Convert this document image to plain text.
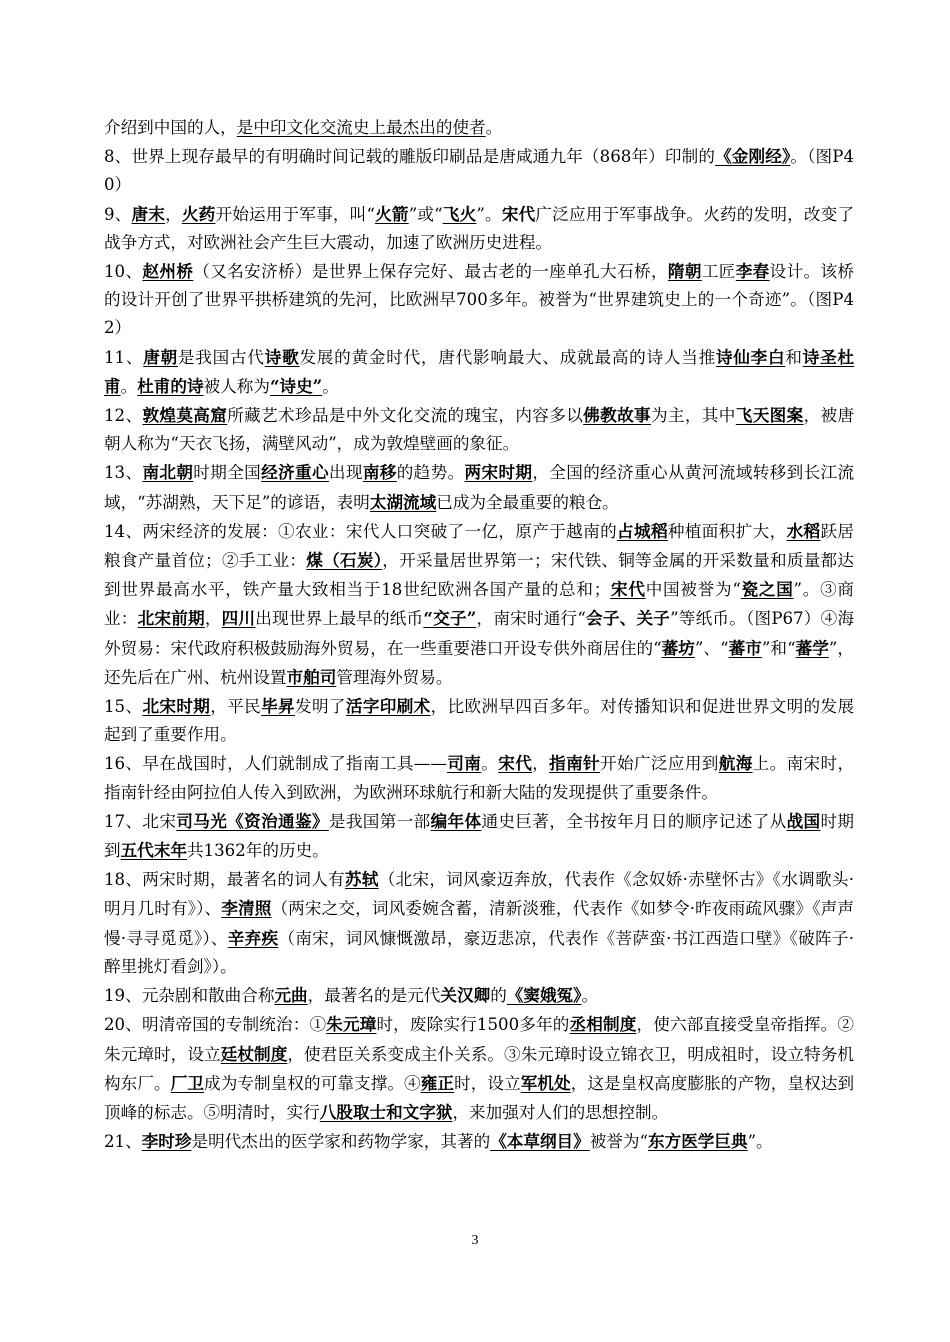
介绍到中国的人，是中印文化交流史上最杰出的使者。

8、世界上现存最早的有明确时间记载的雕版印刷品是唐咸通九年（868年）印制的《金刚经》。（图P40）

9、唐末，火药开始运用于军事，叫“火箭”或“飞火”。宋代广泛应用于军事战争。火药的发明，改变了战争方式，对欧洲社会产生巨大震动，加速了欧洲历史进程。

10、赵州桥（又名安济桥）是世界上保存完好、最古老的一座单孔大石桥，隋朝工匠李春设计。该桥的设计开创了世界平拱桥建筑的先河，比欧洲早700多年。被誉为“世界建筑史上的一个奇迹”。（图P42）

11、唐朝是我国古代诗歌发展的黄金时代，唐代影响最大、成就最高的诗人当推诗仙李白和诗圣杜甫。杜甫的诗被人称为“诗史”。

12、敦煌莫高窟所藏艺术珍品是中外文化交流的瑰宝，内容多以佛教故事为主，其中飞天图案，被唐朝人称为“天衣飞扬，满壁风动”，成为敦煌壁画的象征。

13、南北朝时期全国经济重心出现南移的趋势。两宋时期，全国的经济重心从黄河流域转移到长江流域，“苏湖熟，天下足”的谚语，表明太湖流域已成为全最重要的粮仓。

14、两宋经济的发展：①农业：宋代人口突破了一亿，原产于越南的占城稻种植面积扩大，水稻跃居粮食产量首位；②手工业：煤（石炭），开采量居世界第一；宋代铁、铜等金属的开采数量和质量都达到世界最高水平，铁产量大致相当于18世纪欧洲各国产量的总和；宋代中国被誉为“瓷之国”。③商业：北宋前期，四川出现世界上最早的纸币“交子”，南宋时通行“会子、关子”等纸币。（图P67）④海外贸易：宋代政府积极鼓励海外贸易，在一些重要港口开设专供外商居住的“蕃坊”、“蕃市”和“蕃学”，还先后在广州、杭州设置市舶司管理海外贸易。

15、北宋时期，平民毕昇发明了活字印刷术，比欧洲早四百多年。对传播知识和促进世界文明的发展起到了重要作用。

16、早在战国时，人们就制成了指南工具——司南。宋代，指南针开始广泛应用到航海上。南宋时，指南针经由阿拉伯人传入到欧洲，为欧洲环球航行和新大陆的发现提供了重要条件。

17、北宋司马光《资治通鉴》是我国第一部编年体通史巨著，全书按年月日的顺序记述了从战国时期到五代末年共1362年的历史。

18、两宋时期，最著名的词人有苏轼（北宋，词风豪迈奔放，代表作《念奴娇·赤壁怀古》《水调歌头·明月几时有》）、李清照（两宋之交，词风委婉含蓄，清新淡雅，代表作《如梦令·昨夜雨疏风骤》《声声慢·寻寻觅觅》）、辛弃疾（南宋，词风慷慨激昂，豪迈悲凉，代表作《菩萨蛮·书江西造口壁》《破阵子·醉里挑灯看剑》）。

19、元杂剧和散曲合称元曲，最著名的是元代关汉卿的《窦娥冤》。

20、明清帝国的专制统治：①朱元璋时，废除实行1500多年的丞相制度，使六部直接受皇帝指挥。②朱元璋时，设立廷杖制度，使君臣关系变成主仆关系。③朱元璋时设立锦衣卫，明成祖时，设立特务机构东厂。厂卫成为专制皇权的可靠支撑。④雍正时，设立军机处，这是皇权高度膨胀的产物，皇权达到顶峰的标志。⑤明清时，实行八股取士和文字狱，来加强对人们的思想控制。

21、李时珍是明代杰出的医学家和药物学家，其著的《本草纲目》被誉为“东方医学巨典”。

3
